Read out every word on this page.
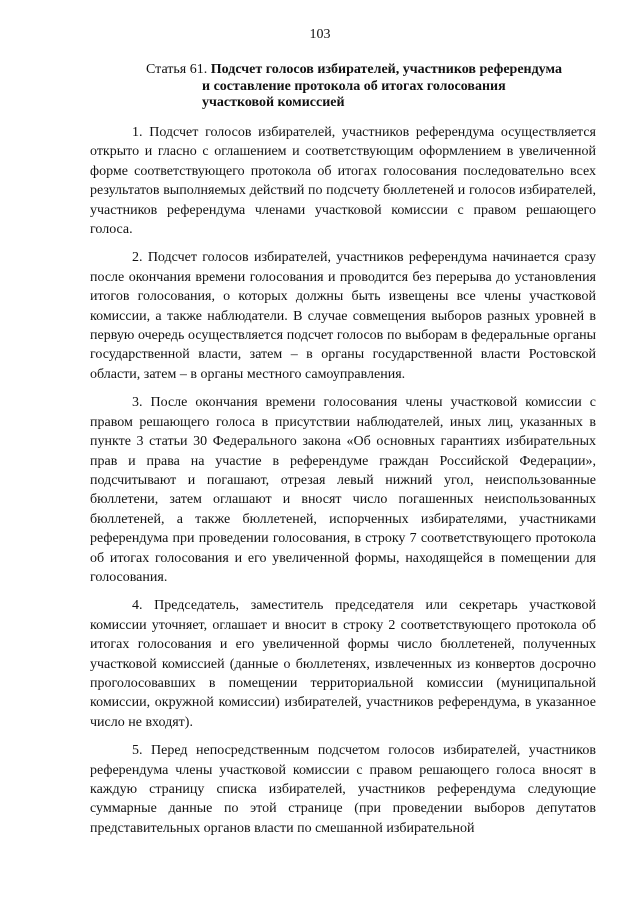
103
Статья 61. Подсчет голосов избирателей, участников референдума
и составление протокола об итогах голосования
участковой комиссией

1. Подсчет голосов избирателей, участников референдума осуществляется открыто и гласно с оглашением и соответствующим оформлением в увеличенной форме соответствующего протокола об итогах голосования последовательно всех результатов выполняемых действий по подсчету бюллетеней и голосов избирателей, участников референдума членами участковой комиссии с правом решающего голоса.

2. Подсчет голосов избирателей, участников референдума начинается сразу после окончания времени голосования и проводится без перерыва до установления итогов голосования, о которых должны быть извещены все члены участковой комиссии, а также наблюдатели. В случае совмещения выборов разных уровней в первую очередь осуществляется подсчет голосов по выборам в федеральные органы государственной власти, затем – в органы государственной власти Ростовской области, затем – в органы местного самоуправления.

3. После окончания времени голосования члены участковой комиссии с правом решающего голоса в присутствии наблюдателей, иных лиц, указанных в пункте 3 статьи 30 Федерального закона «Об основных гарантиях избирательных прав и права на участие в референдуме граждан Российской Федерации», подсчитывают и погашают, отрезая левый нижний угол, неиспользованные бюллетени, затем оглашают и вносят число погашенных неиспользованных бюллетеней, а также бюллетеней, испорченных избирателями, участниками референдума при проведении голосования, в строку 7 соответствующего протокола об итогах голосования и его увеличенной формы, находящейся в помещении для голосования.

4. Председатель, заместитель председателя или секретарь участковой комиссии уточняет, оглашает и вносит в строку 2 соответствующего протокола об итогах голосования и его увеличенной формы число бюллетеней, полученных участковой комиссией (данные о бюллетенях, извлеченных из конвертов досрочно проголосовавших в помещении территориальной комиссии (муниципальной комиссии, окружной комиссии) избирателей, участников референдума, в указанное число не входят).

5. Перед непосредственным подсчетом голосов избирателей, участников референдума члены участковой комиссии с правом решающего голоса вносят в каждую страницу списка избирателей, участников референдума следующие суммарные данные по этой странице (при проведении выборов депутатов представительных органов власти по смешанной избирательной
